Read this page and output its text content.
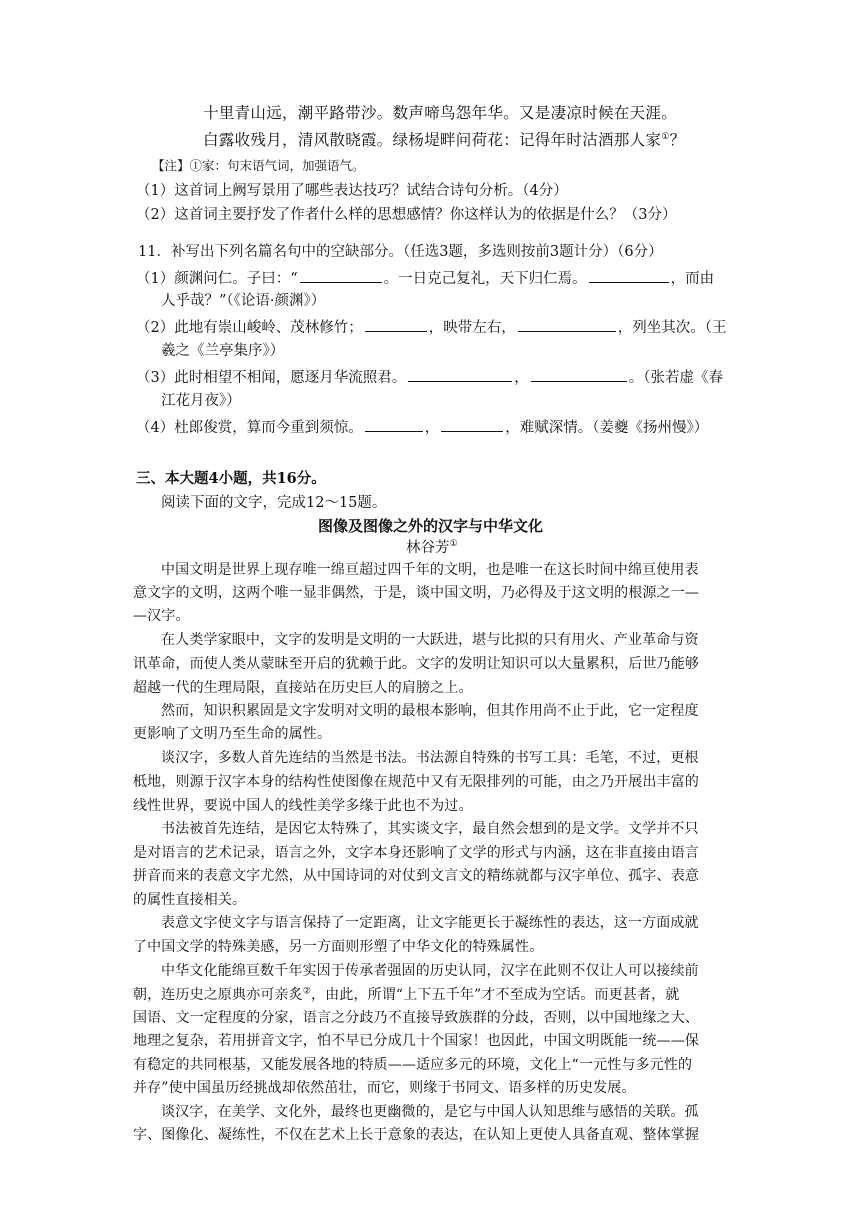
十里青山远，潮平路带沙。数声啼鸟怨年华。又是凄凉时候在天涯。
白露收残月，清风散晓霞。绿杨堤畔问荷花：记得年时沽酒那人家①？
【注】①家：句末语气词，加强语气。
（1）这首词上阙写景用了哪些表达技巧？试结合诗句分析。（4分）
（2）这首词主要抒发了作者什么样的思想感情？你这样认为的依据是什么？（3分）
11．补写出下列名篇名句中的空缺部分。（任选3题，多选则按前3题计分）（6分）
（1）颜渊问仁。子曰：“	。一日克己复礼，天下归仁焉。	，而由
人乎哉？”（《论语·颜渊》）
（2）此地有崇山峻岭、茂林修竹；	，映带左右，	，列坐其次。（王
羲之《兰亭集序》）
（3）此时相望不相闻，愿逐月华流照君。	，	。（张若虚《春
江花月夜》）
（4）杜郎俊赏，算而今重到须惊。	，	，难赋深情。（姜夔《扬州慢》）
三、本大题4小题，共16分。
阅读下面的文字，完成12～15题。
图像及图像之外的汉字与中华文化
林谷芳①
中国文明是世界上现存唯一绵亘超过四千年的文明，也是唯一在这长时间中绵亘使用表
意文字的文明，这两个唯一显非偶然，于是，谈中国文明，乃必得及于这文明的根源之一—
—汉字。
在人类学家眼中，文字的发明是文明的一大跃进，堪与比拟的只有用火、产业革命与资
讯革命，而使人类从蒙昧至开启的犹赖于此。文字的发明让知识可以大量累积，后世乃能够
超越一代的生理局限，直接站在历史巨人的肩膀之上。
然而，知识积累固是文字发明对文明的最根本影响，但其作用尚不止于此，它一定程度
更影响了文明乃至生命的属性。
谈汉字，多数人首先连结的当然是书法。书法源自特殊的书写工具：毛笔，不过，更根
柢地，则源于汉字本身的结构性使图像在规范中又有无限排列的可能，由之乃开展出丰富的
线性世界，要说中国人的线性美学多缘于此也不为过。
书法被首先连结，是因它太特殊了，其实谈文字，最自然会想到的是文学。文学并不只
是对语言的艺术记录，语言之外，文字本身还影响了文学的形式与内涵，这在非直接由语言
拼音而来的表意文字尤然，从中国诗词的对仗到文言文的精练就都与汉字单位、孤字、表意
的属性直接相关。
表意文字使文字与语言保持了一定距离，让文字能更长于凝练性的表达，这一方面成就
了中国文学的特殊美感，另一方面则形塑了中华文化的特殊属性。
中华文化能绵亘数千年实因于传承者强固的历史认同，汉字在此则不仅让人可以接续前
朝，连历史之原典亦可亲炙②，由此，所谓“上下五千年”才不至成为空话。而更甚者，就
国语、文一定程度的分家，语言之分歧乃不直接导致族群的分歧，否则，以中国地缘之大、
地理之复杂，若用拼音文字，怕不早已分成几十个国家！也因此，中国文明既能一统——保
有稳定的共同根基，又能发展各地的特质——适应多元的环境，文化上“一元性与多元性的
并存”使中国虽历经挑战却依然茁壮，而它，则缘于书同文、语多样的历史发展。
谈汉字，在美学、文化外，最终也更幽微的，是它与中国人认知思维与感悟的关联。孤
字、图像化、凝练性，不仅在艺术上长于意象的表达，在认知上更使人具备直观、整体掌握
